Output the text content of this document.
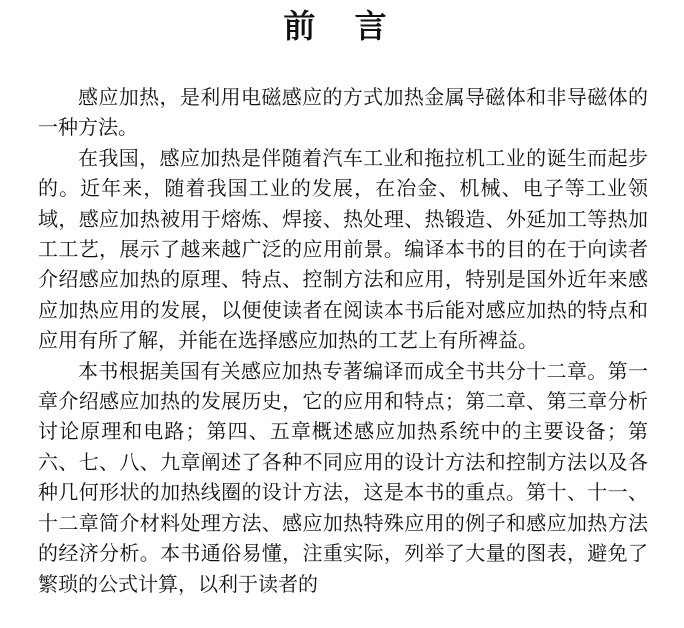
前 言

感应加热，是利用电磁感应的方式加热金属导磁体和非导磁体的一种方法。

在我国，感应加热是伴随着汽车工业和拖拉机工业的诞生而起步的。近年来，随着我国工业的发展，在冶金、机械、电子等工业领域，感应加热被用于熔炼、焊接、热处理、热锻造、外延加工等热加工工艺，展示了越来越广泛的应用前景。编译本书的目的在于向读者介绍感应加热的原理、特点、控制方法和应用，特别是国外近年来感应加热应用的发展，以便使读者在阅读本书后能对感应加热的特点和应用有所了解，并能在选择感应加热的工艺上有所裨益。

本书根据美国有关感应加热专著编译而成全书共分十二章。第一章介绍感应加热的发展历史，它的应用和特点；第二章、第三章分析讨论原理和电路；第四、五章概述感应加热系统中的主要设备；第六、七、八、九章阐述了各种不同应用的设计方法和控制方法以及各种几何形状的加热线圈的设计方法，这是本书的重点。第十、十一、十二章简介材料处理方法、感应加热特殊应用的例子和感应加热方法的经济分析。本书通俗易懂，注重实际，列举了大量的图表，避免了繁琐的公式计算，以利于读者的
